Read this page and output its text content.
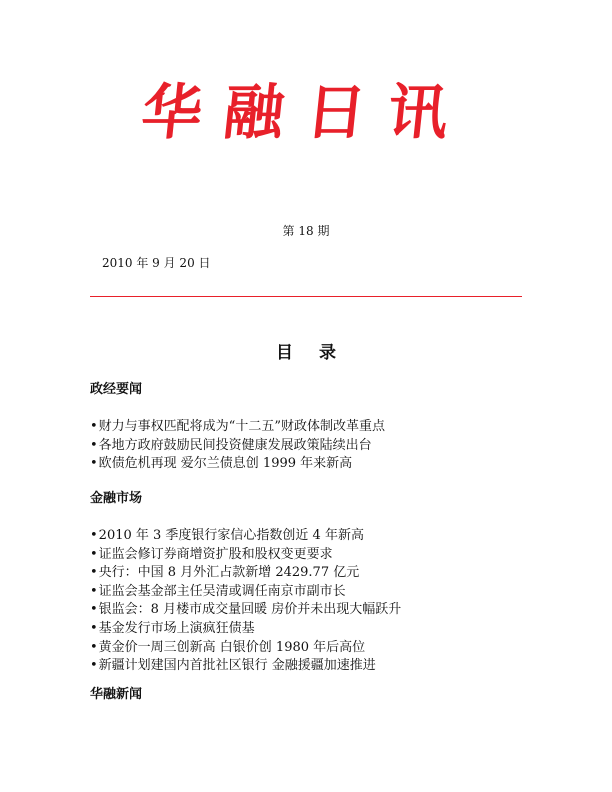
华融日讯
第 18 期
2010 年 9 月 20 日
目录
政经要闻
•财力与事权匹配将成为“十二五”财政体制改革重点
•各地方政府鼓励民间投资健康发展政策陆续出台
•欧债危机再现 爱尔兰债息创 1999 年来新高
金融市场
•2010 年 3 季度银行家信心指数创近 4 年新高
•证监会修订券商增资扩股和股权变更要求
•央行：中国 8 月外汇占款新增 2429.77 亿元
•证监会基金部主任吴清或调任南京市副市长
•银监会：8 月楼市成交量回暖 房价并未出现大幅跃升
•基金发行市场上演疯狂债基
•黄金价一周三创新高 白银价创 1980 年后高位
•新疆计划建国内首批社区银行 金融援疆加速推进
华融新闻
